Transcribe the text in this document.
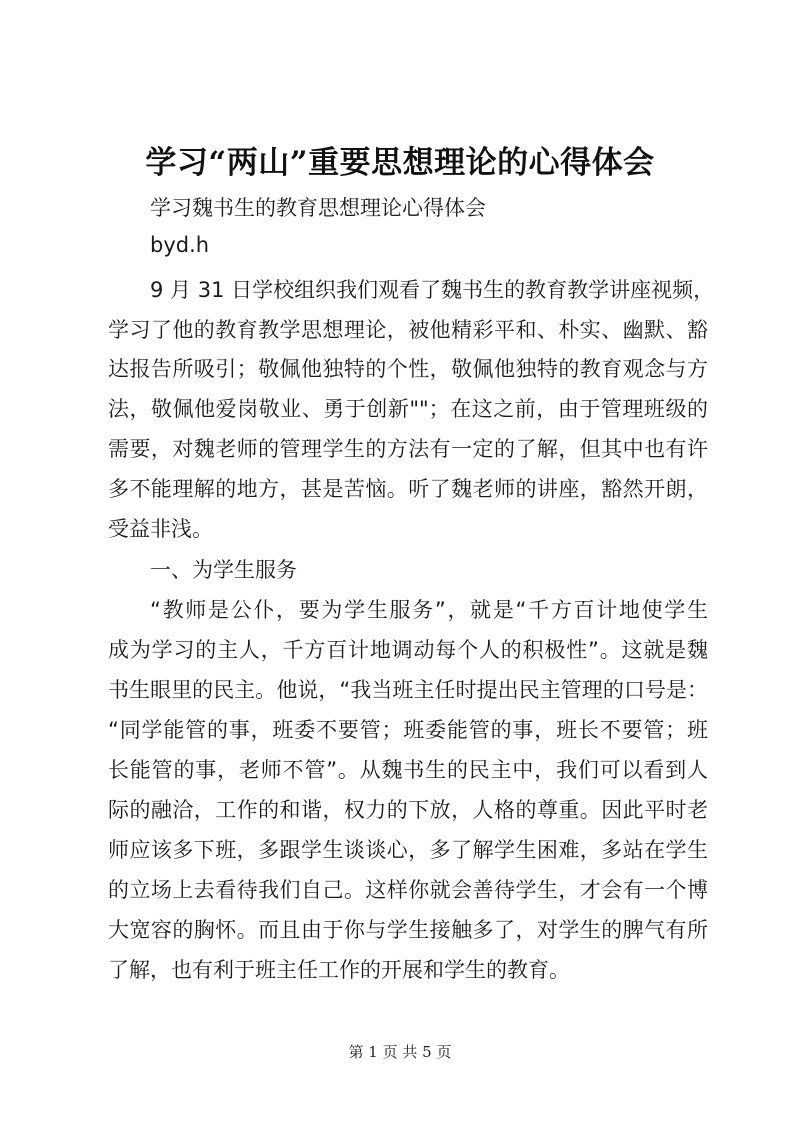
学习“两山”重要思想理论的心得体会
学习魏书生的教育思想理论心得体会
byd.h
9 月 31 日学校组织我们观看了魏书生的教育教学讲座视频，
学习了他的教育教学思想理论，被他精彩平和、朴实、幽默、豁
达报告所吸引；敬佩他独特的个性，敬佩他独特的教育观念与方
法，敬佩他爱岗敬业、勇于创新""；在这之前，由于管理班级的
需要，对魏老师的管理学生的方法有一定的了解，但其中也有许
多不能理解的地方，甚是苦恼。听了魏老师的讲座，豁然开朗，
受益非浅。
一、为学生服务
“教师是公仆，要为学生服务”，就是“千方百计地使学生
成为学习的主人，千方百计地调动每个人的积极性”。这就是魏
书生眼里的民主。他说，“我当班主任时提出民主管理的口号是：
“同学能管的事，班委不要管；班委能管的事，班长不要管；班
长能管的事，老师不管”。从魏书生的民主中，我们可以看到人
际的融洽，工作的和谐，权力的下放，人格的尊重。因此平时老
师应该多下班，多跟学生谈谈心，多了解学生困难，多站在学生
的立场上去看待我们自己。这样你就会善待学生，才会有一个博
大宽容的胸怀。而且由于你与学生接触多了，对学生的脾气有所
了解，也有利于班主任工作的开展和学生的教育。
第 1 页 共 5 页
